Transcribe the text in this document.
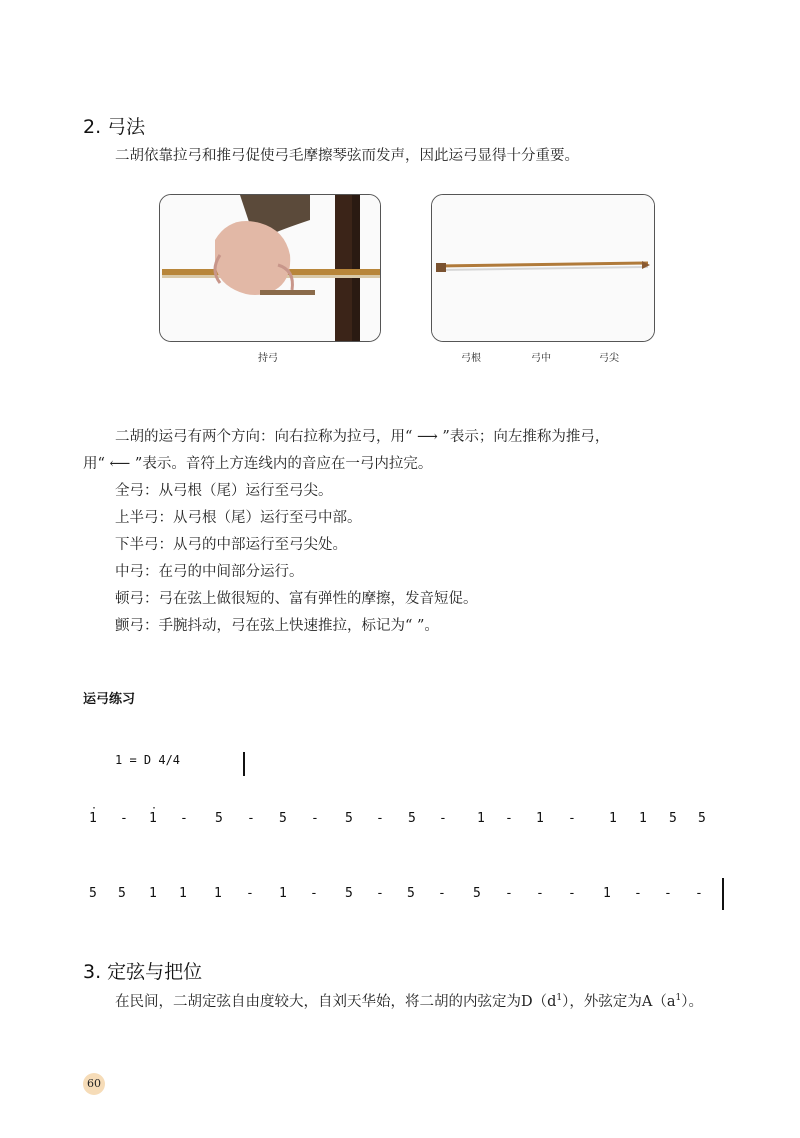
2. 弓法
二胡依靠拉弓和推弓促使弓毛摩擦琴弦而发声，因此运弓显得十分重要。
持弓	弓根	弓中	弓尖
二胡的运弓有两个方向：向右拉称为拉弓，用“ ⟶ ”表示；向左推称为推弓，
用“ ⟵ ”表示。音符上方连线内的音应在一弓内拉完。
全弓：从弓根（尾）运行至弓尖。
上半弓：从弓根（尾）运行至弓中部。
下半弓：从弓的中部运行至弓尖处。
中弓：在弓的中间部分运行。
顿弓：弓在弦上做很短的、富有弹性的摩擦，发音短促。
颤弓：手腕抖动，弓在弦上快速推拉，标记为“ ”。
运弓练习
1 = D 4/4
1 - 1 - 5 - 5 - 5 - 5 - 1 - 1 -	1 1 5 5
·	·
5 5 1 1 1 - 1 - 5 - 5 - 5 - - - 1 - - -
3. 定弦与把位
在民间，二胡定弦自由度较大，自刘天华始，将二胡的内弦定为$D(d^1)$，外弦定为$A(a^1)$。
60
